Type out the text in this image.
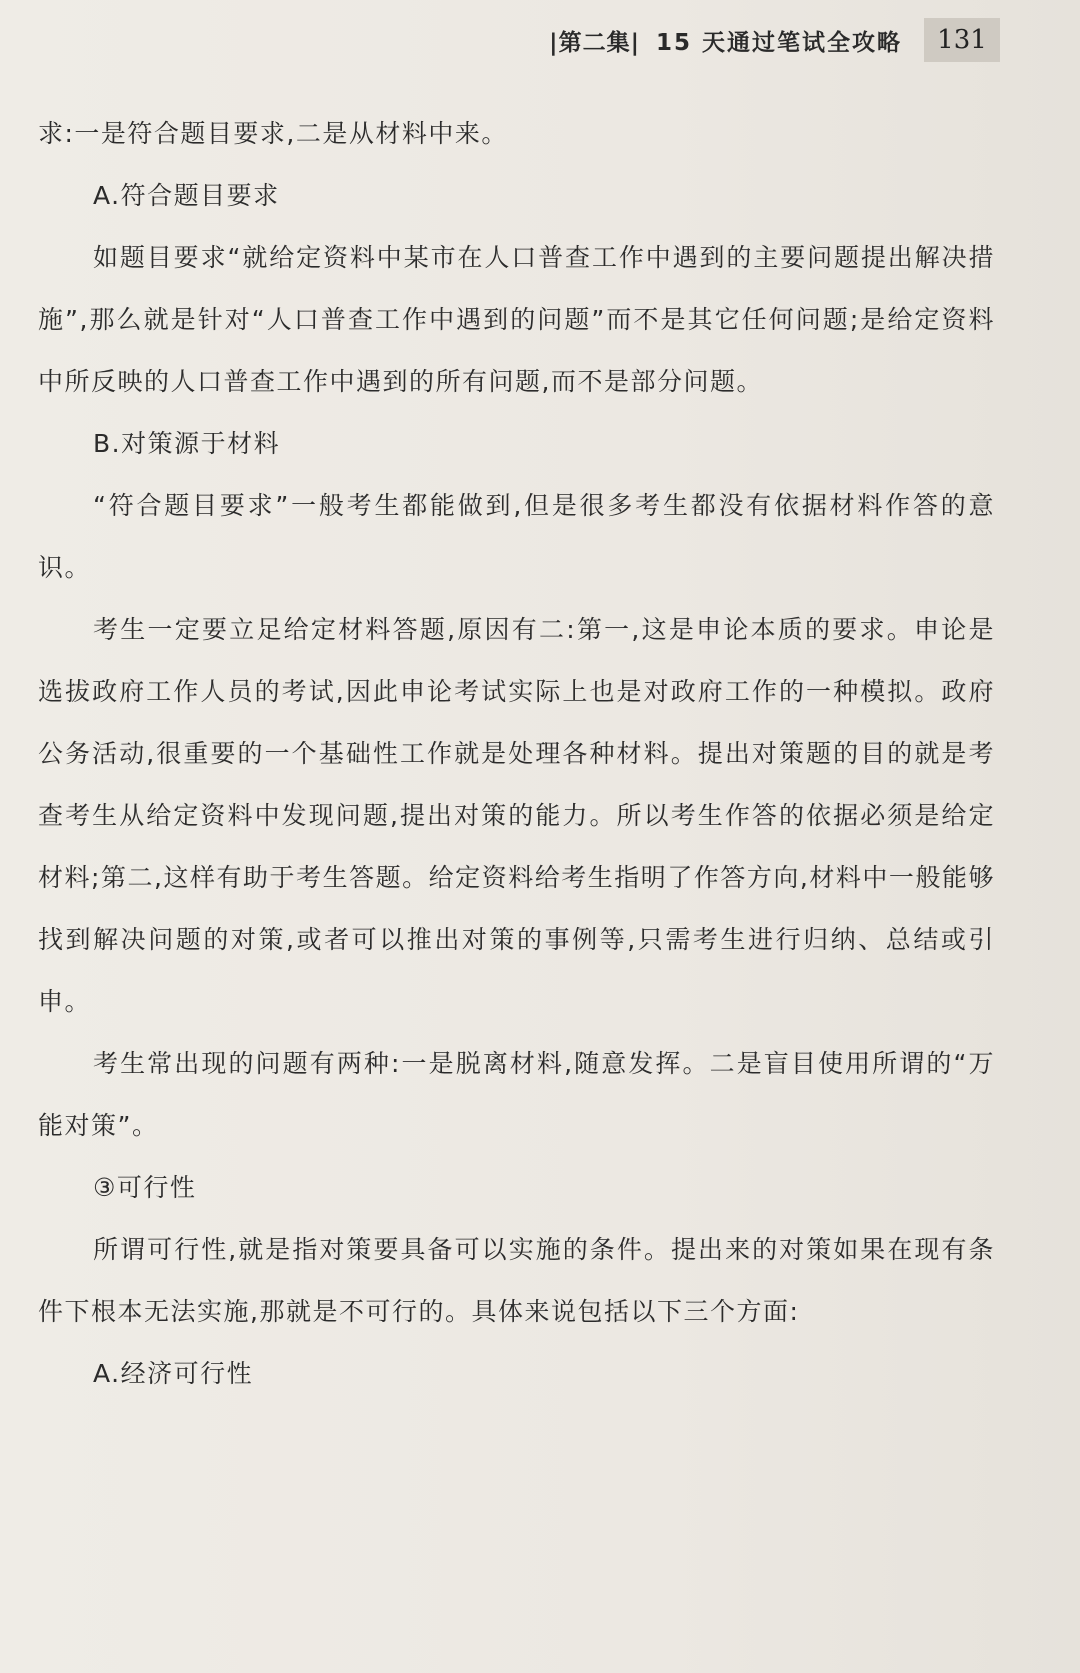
|第二集| 15 天通过笔试全攻略	131

求:一是符合题目要求,二是从材料中来。

A.符合题目要求

如题目要求“就给定资料中某市在人口普查工作中遇到的主要问题提出解决措施”,那么就是针对“人口普查工作中遇到的问题”而不是其它任何问题;是给定资料中所反映的人口普查工作中遇到的所有问题,而不是部分问题。

B.对策源于材料

“符合题目要求”一般考生都能做到,但是很多考生都没有依据材料作答的意识。

考生一定要立足给定材料答题,原因有二:第一,这是申论本质的要求。申论是选拔政府工作人员的考试,因此申论考试实际上也是对政府工作的一种模拟。政府公务活动,很重要的一个基础性工作就是处理各种材料。提出对策题的目的就是考查考生从给定资料中发现问题,提出对策的能力。所以考生作答的依据必须是给定材料;第二,这样有助于考生答题。给定资料给考生指明了作答方向,材料中一般能够找到解决问题的对策,或者可以推出对策的事例等,只需考生进行归纳、总结或引申。

考生常出现的问题有两种:一是脱离材料,随意发挥。二是盲目使用所谓的“万能对策”。

③可行性

所谓可行性,就是指对策要具备可以实施的条件。提出来的对策如果在现有条件下根本无法实施,那就是不可行的。具体来说包括以下三个方面:

A.经济可行性
